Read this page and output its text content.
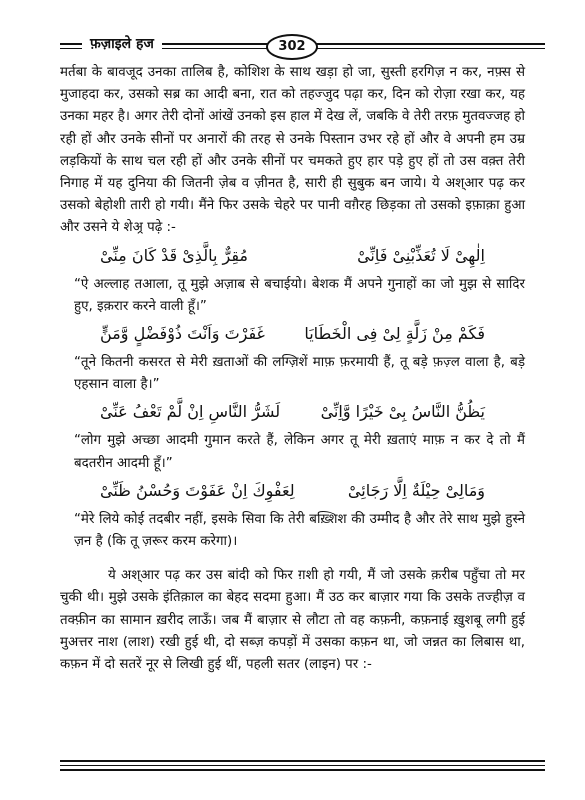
फ़ज़ाइले हज	302

मर्तबा के बावजूद उनका तालिब है, कोशिश के साथ खड़ा हो जा, सुस्ती हरगिज़ न कर, नफ़्स से मुजाहदा कर, उसको सब्र का आदी बना, रात को तहज्जुद पढ़ा कर, दिन को रोज़ा रखा कर, यह उनका महर है। अगर तेरी दोनों आंखें उनको इस हाल में देख लें, जबकि वे तेरी तरफ़ मुतवज्जह हो रही हों और उनके सीनों पर अनारों की तरह से उनके पिस्तान उभर रहे हों और वे अपनी हम उम्र लड़कियों के साथ चल रही हों और उनके सीनों पर चमकते हुए हार पड़े हुए हों तो उस वक़्त तेरी निगाह में यह दुनिया की जितनी ज़ेब व ज़ीनत है, सारी ही सुबुक बन जाये। ये अश्आर पढ़ कर उसको बेहोशी तारी हो गयी। मैंने फिर उसके चेहरे पर पानी वग़ैरह छिड़का तो उसको इफ़ाक़ा हुआ और उसने ये शेअ्र पढ़े :-

اِلٰهِیْ لَا تُعَذِّبْنِیْ فَاِنِّیْ
مُقِرٌّ بِالَّذِیْ قَدْ کَانَ مِنِّیْ

“ऐ अल्लाह तआला, तू मुझे अज़ाब से बचाईयो। बेशक मैं अपने गुनाहों का जो मुझ से सादिर हुए, इक़रार करने वाली हूँ।”

فَکَمْ مِنْ زَلَّةٍ لِیْ فِی الْخَطَایَا
غَفَرْتَ وَاَنْتَ ذُوْفَضْلٍ وَّمَنٍّ

“तूने कितनी कसरत से मेरी ख़ताओं की लग्ज़िशें माफ़ फ़रमायी हैं, तू बड़े फ़ज़्ल वाला है, बड़े एहसान वाला है।”

یَظُنُّ النَّاسُ بِیْ خَیْرًا وَّاِنِّیْ
لَشَرُّ النَّاسِ اِنْ لَّمْ تَعْفُ عَنِّیْ

“लोग मुझे अच्छा आदमी गुमान करते हैं, लेकिन अगर तू मेरी ख़ताएं माफ़ न कर दे तो मैं बदतरीन आदमी हूँ।”

وَمَالِیْ حِیْلَةٌ اِلَّا رَجَائِیْ
لِعَفْوِكَ اِنْ عَفَوْتَ وَحُسْنُ ظَنِّیْ

“मेरे लिये कोई तदबीर नहीं, इसके सिवा कि तेरी बख़्शिश की उम्मीद है और तेरे साथ मुझे हुस्ने ज़न है (कि तू ज़रूर करम करेगा)।

ये अश्आर पढ़ कर उस बांदी को फिर ग़शी हो गयी, मैं जो उसके क़रीब पहुँचा तो मर चुकी थी। मुझे उसके इंतिक़ाल का बेहद सदमा हुआ। मैं उठ कर बाज़ार गया कि उसके तज्हीज़ व तक्फ़ीन का सामान ख़रीद लाऊँ। जब मैं बाज़ार से लौटा तो वह कफ़नी, कफ़नाई ख़ुशबू लगी हुई मुअत्तर नाश (लाश) रखी हुई थी, दो सब्ज़ कपड़ों में उसका कफ़न था, जो जन्नत का लिबास था, कफ़न में दो सतरें नूर से लिखी हुई थीं, पहली सतर (लाइन) पर :-
